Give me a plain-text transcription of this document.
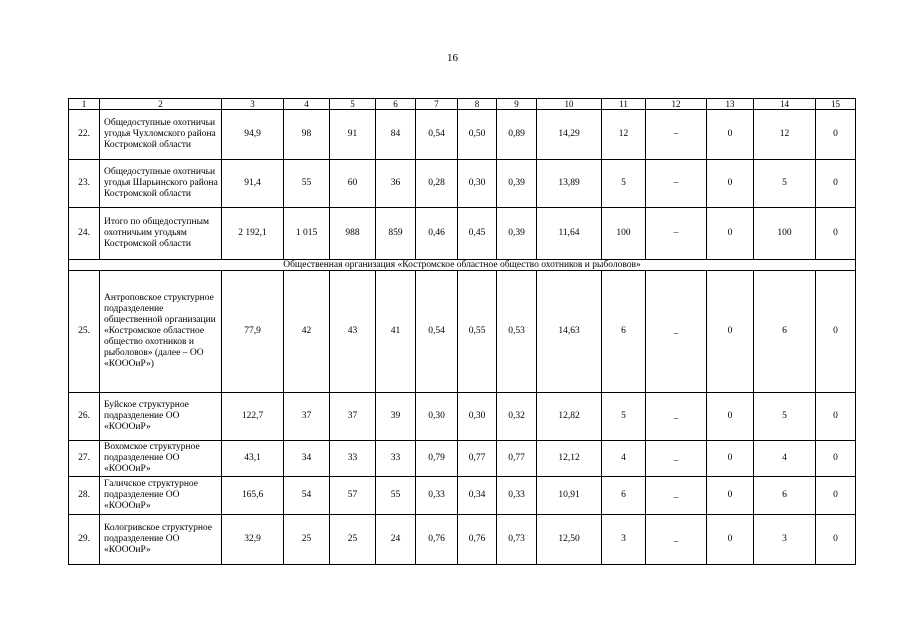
16
1	2	3	4	5	6	7	8	9	10	11	12	13	14	15
22.	Общедоступные охотничьи угодья Чухломского района Костромской области	94,9	98	91	84	0,54	0,50	0,89	14,29	12	–	0	12	0
23.	Общедоступные охотничьи угодья Шарьинского района Костромской области	91,4	55	60	36	0,28	0,30	0,39	13,89	5	–	0	5	0
24.	Итого по общедоступным охотничьим угодьям Костромской области	2 192,1	1 015	988	859	0,46	0,45	0,39	11,64	100	–	0	100	0
Общественная организация «Костромское областное общество охотников и рыболовов»														
25.	Антроповское структурное подразделение общественной организации «Костромское областное общество охотников и рыболовов» (далее – ОО «КОООиР»)	77,9	42	43	41	0,54	0,55	0,53	14,63	6	_	0	6	0
26.	Буйское структурное подразделение ОО «КОООиР»	122,7	37	37	39	0,30	0,30	0,32	12,82	5	_	0	5	0
27.	Вохомское структурное подразделение ОО «КОООиР»	43,1	34	33	33	0,79	0,77	0,77	12,12	4	_	0	4	0
28.	Галичское структурное подразделение ОО «КОООиР»	165,6	54	57	55	0,33	0,34	0,33	10,91	6	_	0	6	0
29.	Кологривское структурное подразделение ОО «КОООиР»	32,9	25	25	24	0,76	0,76	0,73	12,50	3	_	0	3	0
